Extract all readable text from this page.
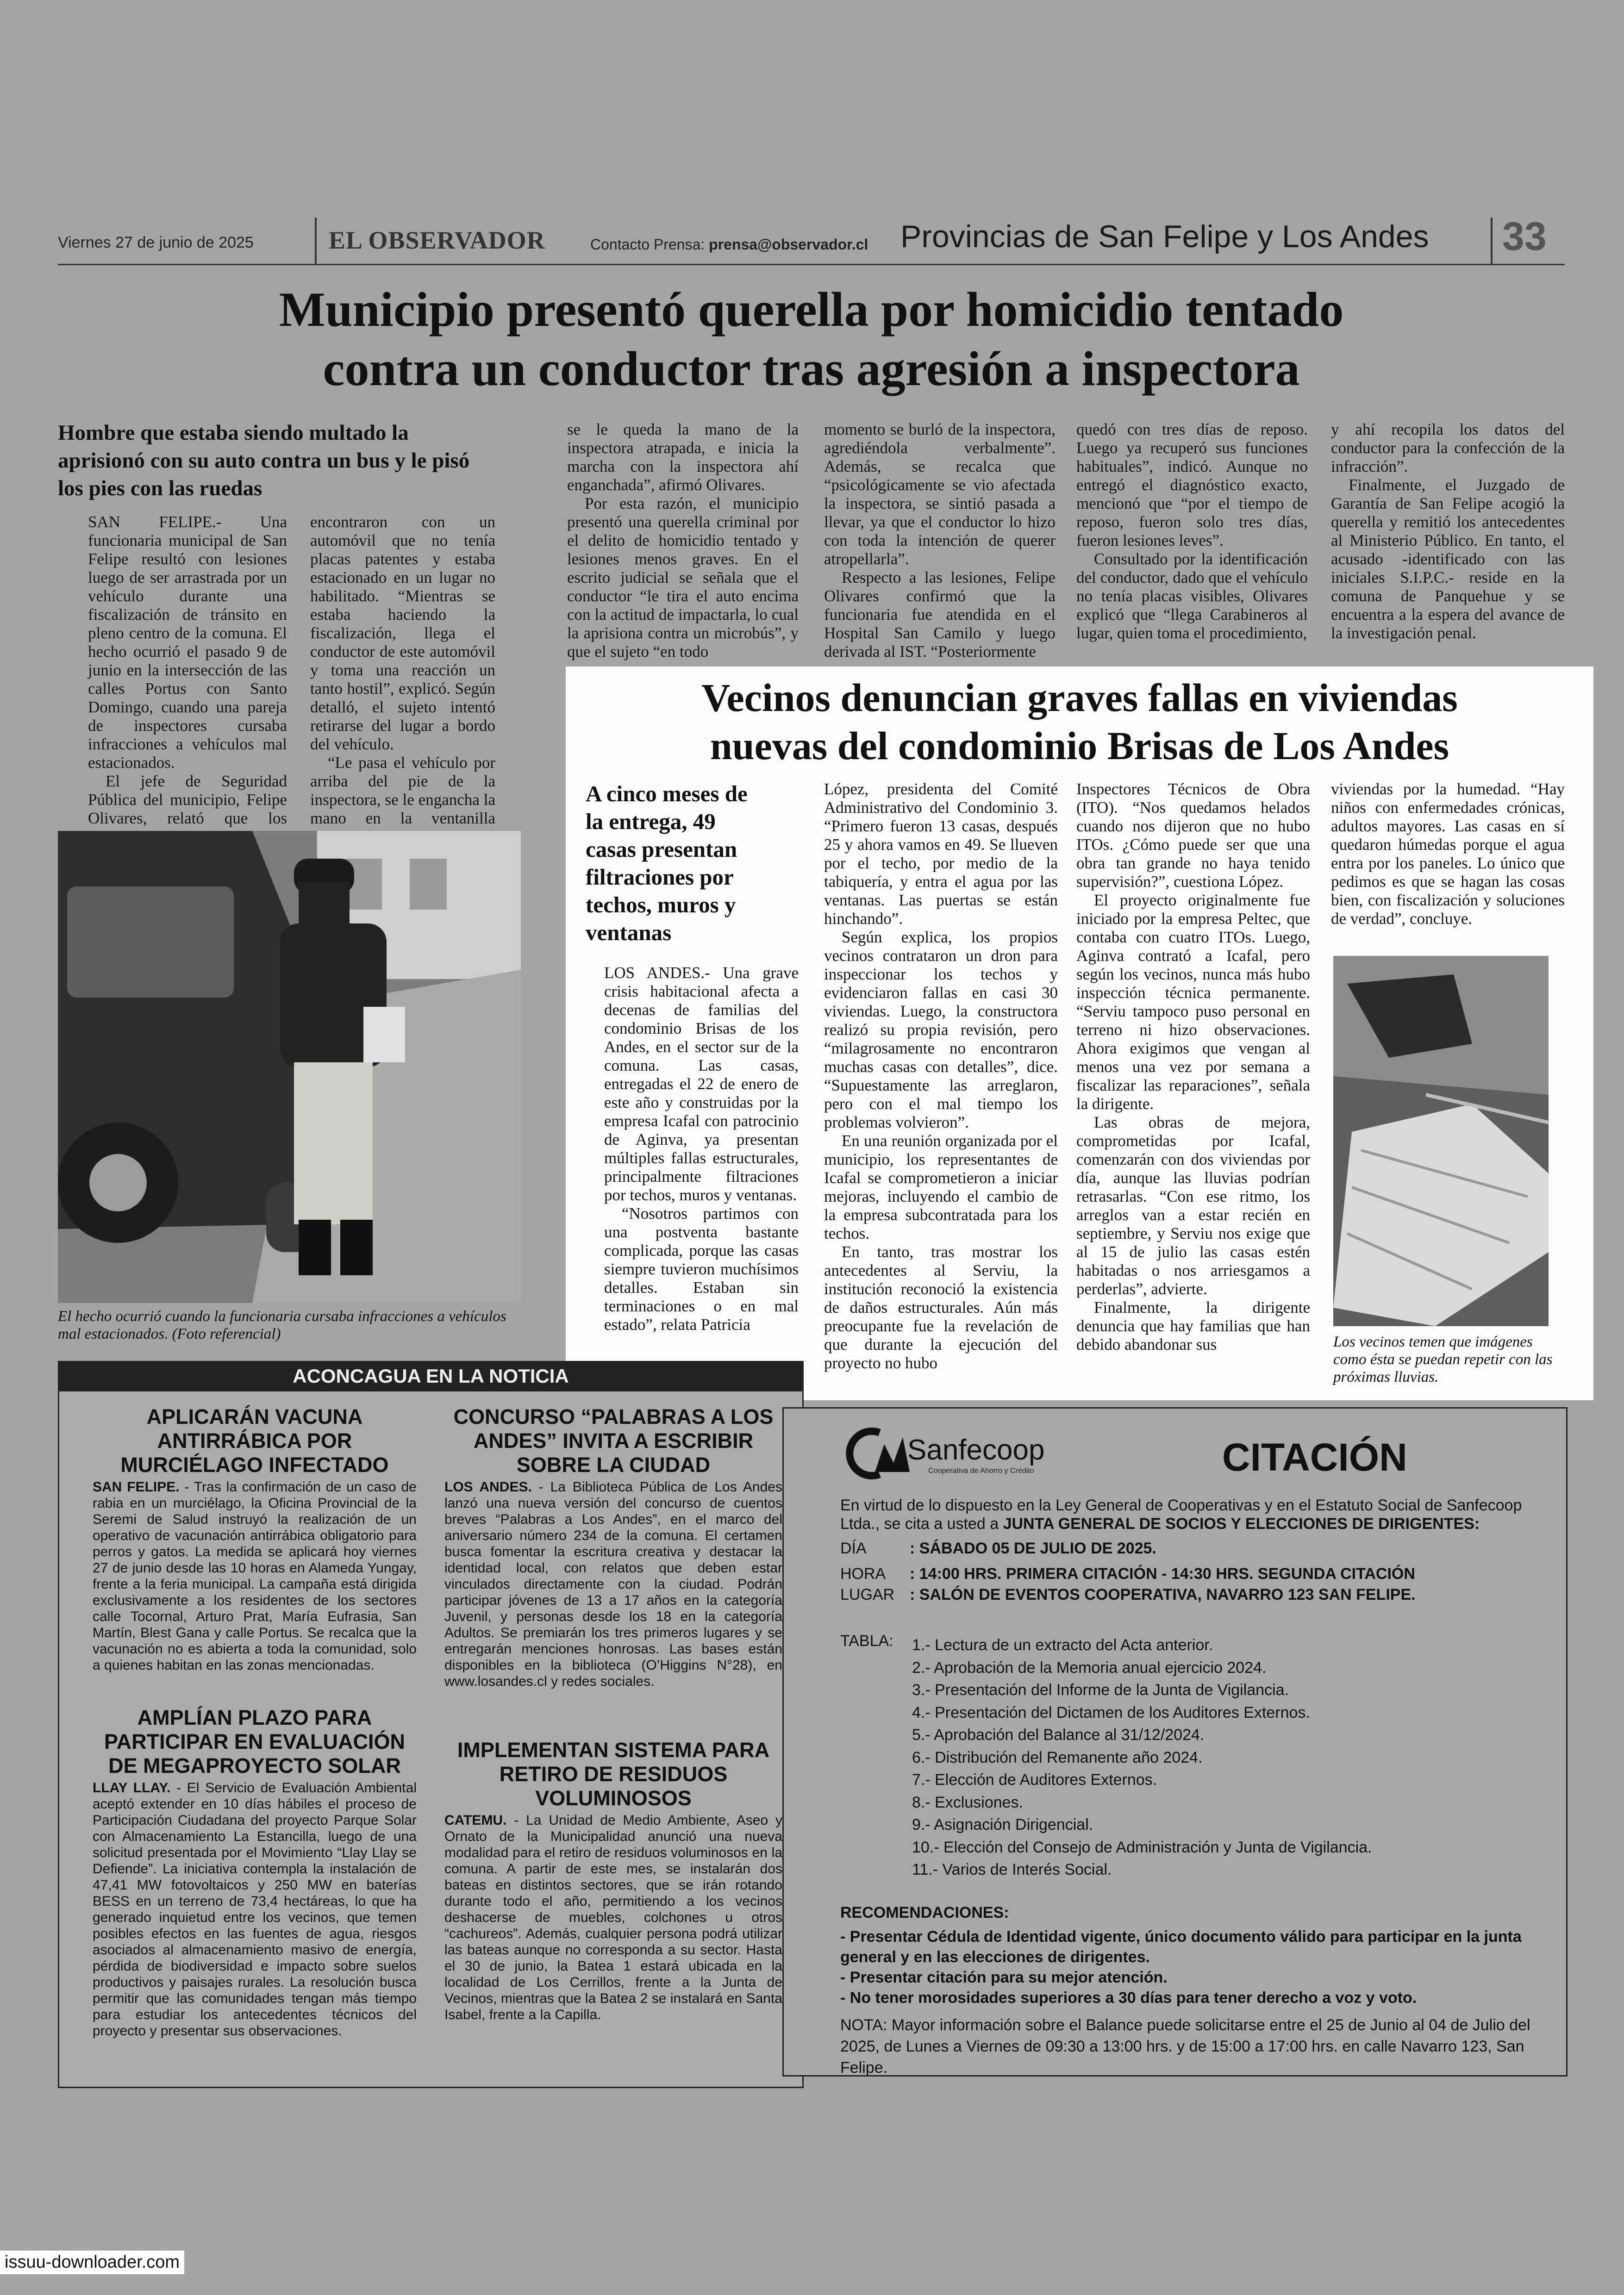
Viernes 27 de junio de 2025	EL OBSERVADOR	Contacto Prensa: prensa@observador.cl Provincias de San Felipe y Los Andes 33
Municipio presentó querella por homicidio tentado
contra un conductor tras agresión a inspectora
Hombre que estaba siendo multado la aprisionó con su auto contra un bus y le pisó los pies con las ruedas

SAN FELIPE.- Una funcionaria municipal de San Felipe resultó con lesiones luego de ser arrastrada por un vehículo durante una fiscalización de tránsito en pleno centro de la comuna. El hecho ocurrió el pasado 9 de junio en la intersección de las calles Portus con Santo Domingo, cuando una pareja de inspectores cursaba infracciones a vehículos mal estacionados.

El jefe de Seguridad Pública del municipio, Felipe Olivares, relató que los

encontraron con un automóvil que no tenía placas patentes y estaba estacionado en un lugar no habilitado. “Mientras se estaba haciendo la fiscalización, llega el conductor de este automóvil y toma una reacción un tanto hostil”, explicó. Según detalló, el sujeto intentó retirarse del lugar a bordo del vehículo.

“Le pasa el vehículo por arriba del pie de la inspectora, se le engancha la mano en la ventanilla

se le queda la mano de la inspectora atrapada, e inicia la marcha con la inspectora ahí enganchada”, afirmó Olivares.

Por esta razón, el municipio presentó una querella criminal por el delito de homicidio tentado y lesiones menos graves. En el escrito judicial se señala que el conductor “le tira el auto encima con la actitud de impactarla, lo cual la aprisiona contra un microbús”, y que el sujeto “en todo

momento se burló de la inspectora, agrediéndola verbalmente”. Además, se recalca que “psicológicamente se vio afectada la inspectora, se sintió pasada a llevar, ya que el conductor lo hizo con toda la intención de querer atropellarla”.

Respecto a las lesiones, Felipe Olivares confirmó que la funcionaria fue atendida en el Hospital San Camilo y luego derivada al IST. “Posteriormente

quedó con tres días de reposo. Luego ya recuperó sus funciones habituales”, indicó. Aunque no entregó el diagnóstico exacto, mencionó que “por el tiempo de reposo, fueron solo tres días, fueron lesiones leves”.

Consultado por la identificación del conductor, dado que el vehículo no tenía placas visibles, Olivares explicó que “llega Carabineros al lugar, quien toma el procedimiento,

y ahí recopila los datos del conductor para la confección de la infracción”.

Finalmente, el Juzgado de Garantía de San Felipe acogió la querella y remitió los antecedentes al Ministerio Público. En tanto, el acusado -identificado con las iniciales S.I.P.C.- reside en la comuna de Panquehue y se encuentra a la espera del avance de la investigación penal.

El hecho ocurrió cuando la funcionaria cursaba infracciones a vehículos mal estacionados. (Foto referencial)
Vecinos denuncian graves fallas en viviendas
nuevas del condominio Brisas de Los Andes
A cinco meses de la entrega, 49 casas presentan filtraciones por techos, muros y ventanas

LOS ANDES.- Una grave crisis habitacional afecta a decenas de familias del condominio Brisas de los Andes, en el sector sur de la comuna. Las casas, entregadas el 22 de enero de este año y construidas por la empresa Icafal con patrocinio de Aginva, ya presentan múltiples fallas estructurales, principalmente filtraciones por techos, muros y ventanas.

“Nosotros partimos con una postventa bastante complicada, porque las casas siempre tuvieron muchísimos detalles. Estaban sin terminaciones o en mal estado”, relata Patricia

López, presidenta del Comité Administrativo del Condominio 3. “Primero fueron 13 casas, después 25 y ahora vamos en 49. Se llueven por el techo, por medio de la tabiquería, y entra el agua por las ventanas. Las puertas se están hinchando”.

Según explica, los propios vecinos contrataron un dron para inspeccionar los techos y evidenciaron fallas en casi 30 viviendas. Luego, la constructora realizó su propia revisión, pero “milagrosamente no encontraron muchas casas con detalles”, dice. “Supuestamente las arreglaron, pero con el mal tiempo los problemas volvieron”.

En una reunión organizada por el municipio, los representantes de Icafal se comprometieron a iniciar mejoras, incluyendo el cambio de la empresa subcontratada para los techos.

En tanto, tras mostrar los antecedentes al Serviu, la institución reconoció la existencia de daños estructurales. Aún más preocupante fue la revelación de que durante la ejecución del proyecto no hubo

Inspectores Técnicos de Obra (ITO). “Nos quedamos helados cuando nos dijeron que no hubo ITOs. ¿Cómo puede ser que una obra tan grande no haya tenido supervisión?”, cuestiona López.

El proyecto originalmente fue iniciado por la empresa Peltec, que contaba con cuatro ITOs. Luego, Aginva contrató a Icafal, pero según los vecinos, nunca más hubo inspección técnica permanente. “Serviu tampoco puso personal en terreno ni hizo observaciones. Ahora exigimos que vengan al menos una vez por semana a fiscalizar las reparaciones”, señala la dirigente.

Las obras de mejora, comprometidas por Icafal, comenzarán con dos viviendas por día, aunque las lluvias podrían retrasarlas. “Con ese ritmo, los arreglos van a estar recién en septiembre, y Serviu nos exige que al 15 de julio las casas estén habitadas o nos arriesgamos a perderlas”, advierte.

Finalmente, la dirigente denuncia que hay familias que han debido abandonar sus

viviendas por la humedad. “Hay niños con enfermedades crónicas, adultos mayores. Las casas en sí quedaron húmedas porque el agua entra por los paneles. Lo único que pedimos es que se hagan las cosas bien, con fiscalización y soluciones de verdad”, concluye.

Los vecinos temen que imágenes como ésta se puedan repetir con las próximas lluvias.
ACONCAGUA EN LA NOTICIA
APLICARÁN VACUNA ANTIRRÁBICA POR MURCIÉLAGO INFECTADO
SAN FELIPE. - Tras la confirmación de un caso de rabia en un murciélago, la Oficina Provincial de la Seremi de Salud instruyó la realización de un operativo de vacunación antirrábica obligatorio para perros y gatos. La medida se aplicará hoy viernes 27 de junio desde las 10 horas en Alameda Yungay, frente a la feria municipal. La campaña está dirigida exclusivamente a los residentes de los sectores calle Tocornal, Arturo Prat, María Eufrasia, San Martín, Blest Gana y calle Portus. Se recalca que la vacunación no es abierta a toda la comunidad, solo a quienes habitan en las zonas mencionadas.
AMPLÍAN PLAZO PARA PARTICIPAR EN EVALUACIÓN DE MEGAPROYECTO SOLAR
LLAY LLAY. - El Servicio de Evaluación Ambiental aceptó extender en 10 días hábiles el proceso de Participación Ciudadana del proyecto Parque Solar con Almacenamiento La Estancilla, luego de una solicitud presentada por el Movimiento “Llay Llay se Defiende”. La iniciativa contempla la instalación de 47,41 MW fotovoltaicos y 250 MW en baterías BESS en un terreno de 73,4 hectáreas, lo que ha generado inquietud entre los vecinos, que temen posibles efectos en las fuentes de agua, riesgos asociados al almacenamiento masivo de energía, pérdida de biodiversidad e impacto sobre suelos productivos y paisajes rurales. La resolución busca permitir que las comunidades tengan más tiempo para estudiar los antecedentes técnicos del proyecto y presentar sus observaciones.
CONCURSO “PALABRAS A LOS ANDES” INVITA A ESCRIBIR SOBRE LA CIUDAD
LOS ANDES. - La Biblioteca Pública de Los Andes lanzó una nueva versión del concurso de cuentos breves “Palabras a Los Andes”, en el marco del aniversario número 234 de la comuna. El certamen busca fomentar la escritura creativa y destacar la identidad local, con relatos que deben estar vinculados directamente con la ciudad. Podrán participar jóvenes de 13 a 17 años en la categoría Juvenil, y personas desde los 18 en la categoría Adultos. Se premiarán los tres primeros lugares y se entregarán menciones honrosas. Las bases están disponibles en la biblioteca (O’Higgins N°28), en www.losandes.cl y redes sociales.
IMPLEMENTAN SISTEMA PARA RETIRO DE RESIDUOS VOLUMINOSOS
CATEMU. - La Unidad de Medio Ambiente, Aseo y Ornato de la Municipalidad anunció una nueva modalidad para el retiro de residuos voluminosos en la comuna. A partir de este mes, se instalarán dos bateas en distintos sectores, que se irán rotando durante todo el año, permitiendo a los vecinos deshacerse de muebles, colchones u otros “cachureos”. Además, cualquier persona podrá utilizar las bateas aunque no corresponda a su sector. Hasta el 30 de junio, la Batea 1 estará ubicada en la localidad de Los Cerrillos, frente a la Junta de Vecinos, mientras que la Batea 2 se instalará en Santa Isabel, frente a la Capilla.
Sanfecoop
Cooperativa de Ahorro y Crédito	CITACIÓN
En virtud de lo dispuesto en la Ley General de Cooperativas y en el Estatuto Social de Sanfecoop Ltda., se cita a usted a JUNTA GENERAL DE SOCIOS Y ELECCIONES DE DIRIGENTES:
DÍA	: SÁBADO 05 DE JULIO DE 2025.
HORA : 14:00 HRS. PRIMERA CITACIÓN - 14:30 HRS. SEGUNDA CITACIÓN
LUGAR : SALÓN DE EVENTOS COOPERATIVA, NAVARRO 123 SAN FELIPE.
TABLA: 1.- Lectura de un extracto del Acta anterior.
2.- Aprobación de la Memoria anual ejercicio 2024.
3.- Presentación del Informe de la Junta de Vigilancia.
4.- Presentación del Dictamen de los Auditores Externos.
5.- Aprobación del Balance al 31/12/2024.
6.- Distribución del Remanente año 2024.
7.- Elección de Auditores Externos.
8.- Exclusiones.
9.- Asignación Dirigencial.
10.- Elección del Consejo de Administración y Junta de Vigilancia.
11.- Varios de Interés Social.
RECOMENDACIONES:
- Presentar Cédula de Identidad vigente, único documento válido para participar en la junta general y en las elecciones de dirigentes.
- Presentar citación para su mejor atención.
- No tener morosidades superiores a 30 días para tener derecho a voz y voto.
NOTA: Mayor información sobre el Balance puede solicitarse entre el 25 de Junio al 04 de Julio del 2025, de Lunes a Viernes de 09:30 a 13:00 hrs. y de 15:00 a 17:00 hrs. en calle Navarro 123, San Felipe.
issuu-downloader.com
